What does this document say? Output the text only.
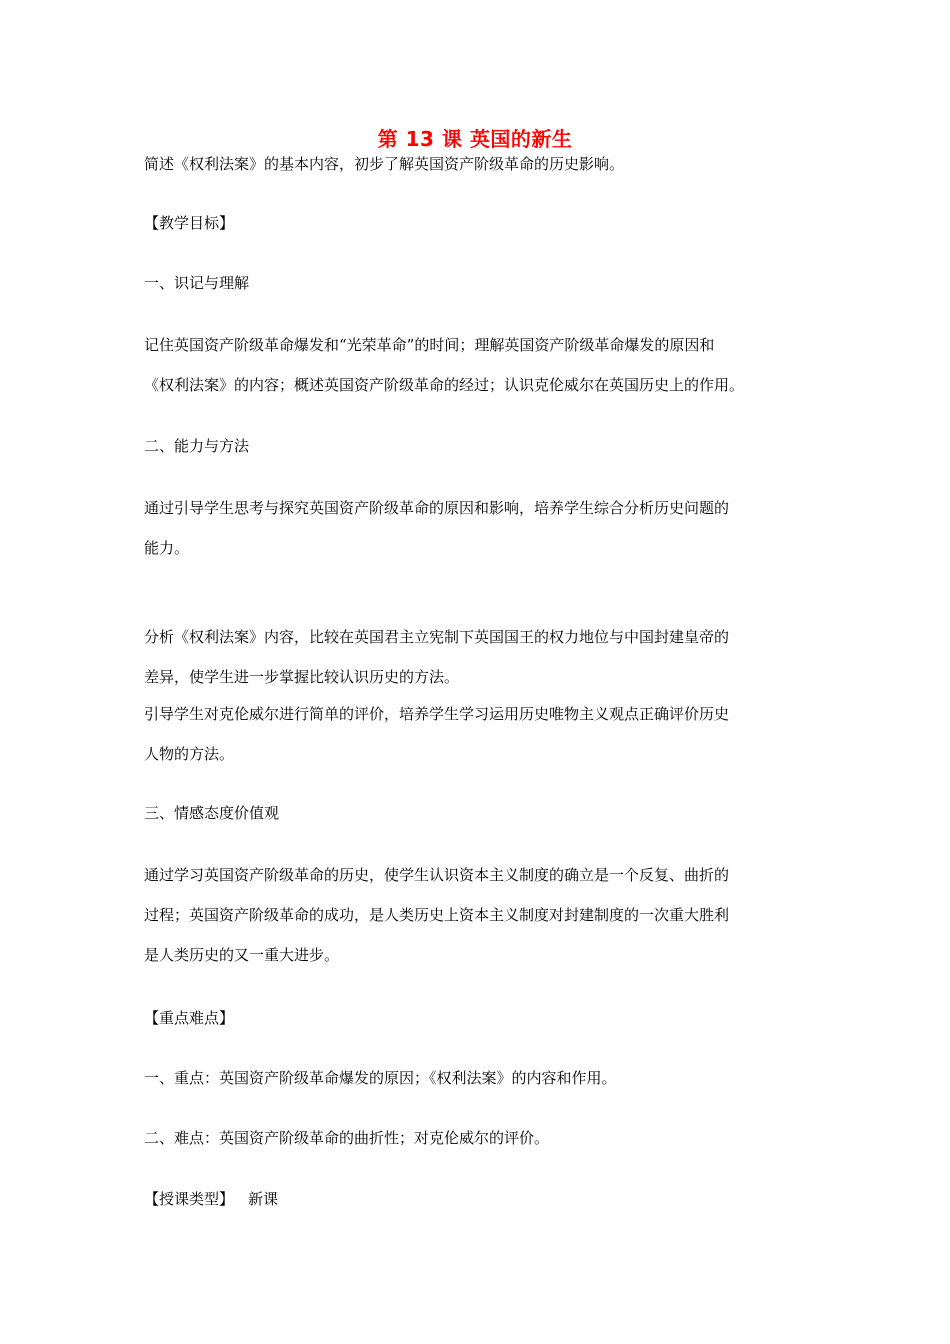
第 13 课 英国的新生
简述《权利法案》的基本内容，初步了解英国资产阶级革命的历史影响。
【教学目标】
一、识记与理解
记住英国资产阶级革命爆发和“光荣革命”的时间；理解英国资产阶级革命爆发的原因和
《权利法案》的内容；概述英国资产阶级革命的经过；认识克伦威尔在英国历史上的作用。
二、能力与方法
通过引导学生思考与探究英国资产阶级革命的原因和影响，培养学生综合分析历史问题的
能力。
分析《权利法案》内容，比较在英国君主立宪制下英国国王的权力地位与中国封建皇帝的
差异，使学生进一步掌握比较认识历史的方法。
引导学生对克伦威尔进行简单的评价，培养学生学习运用历史唯物主义观点正确评价历史
人物的方法。
三、情感态度价值观
通过学习英国资产阶级革命的历史，使学生认识资本主义制度的确立是一个反复、曲折的
过程；英国资产阶级革命的成功，是人类历史上资本主义制度对封建制度的一次重大胜利
是人类历史的又一重大进步。
【重点难点】
一、重点：英国资产阶级革命爆发的原因；《权利法案》的内容和作用。
二、难点：英国资产阶级革命的曲折性；对克伦威尔的评价。
【授课类型】 新课
